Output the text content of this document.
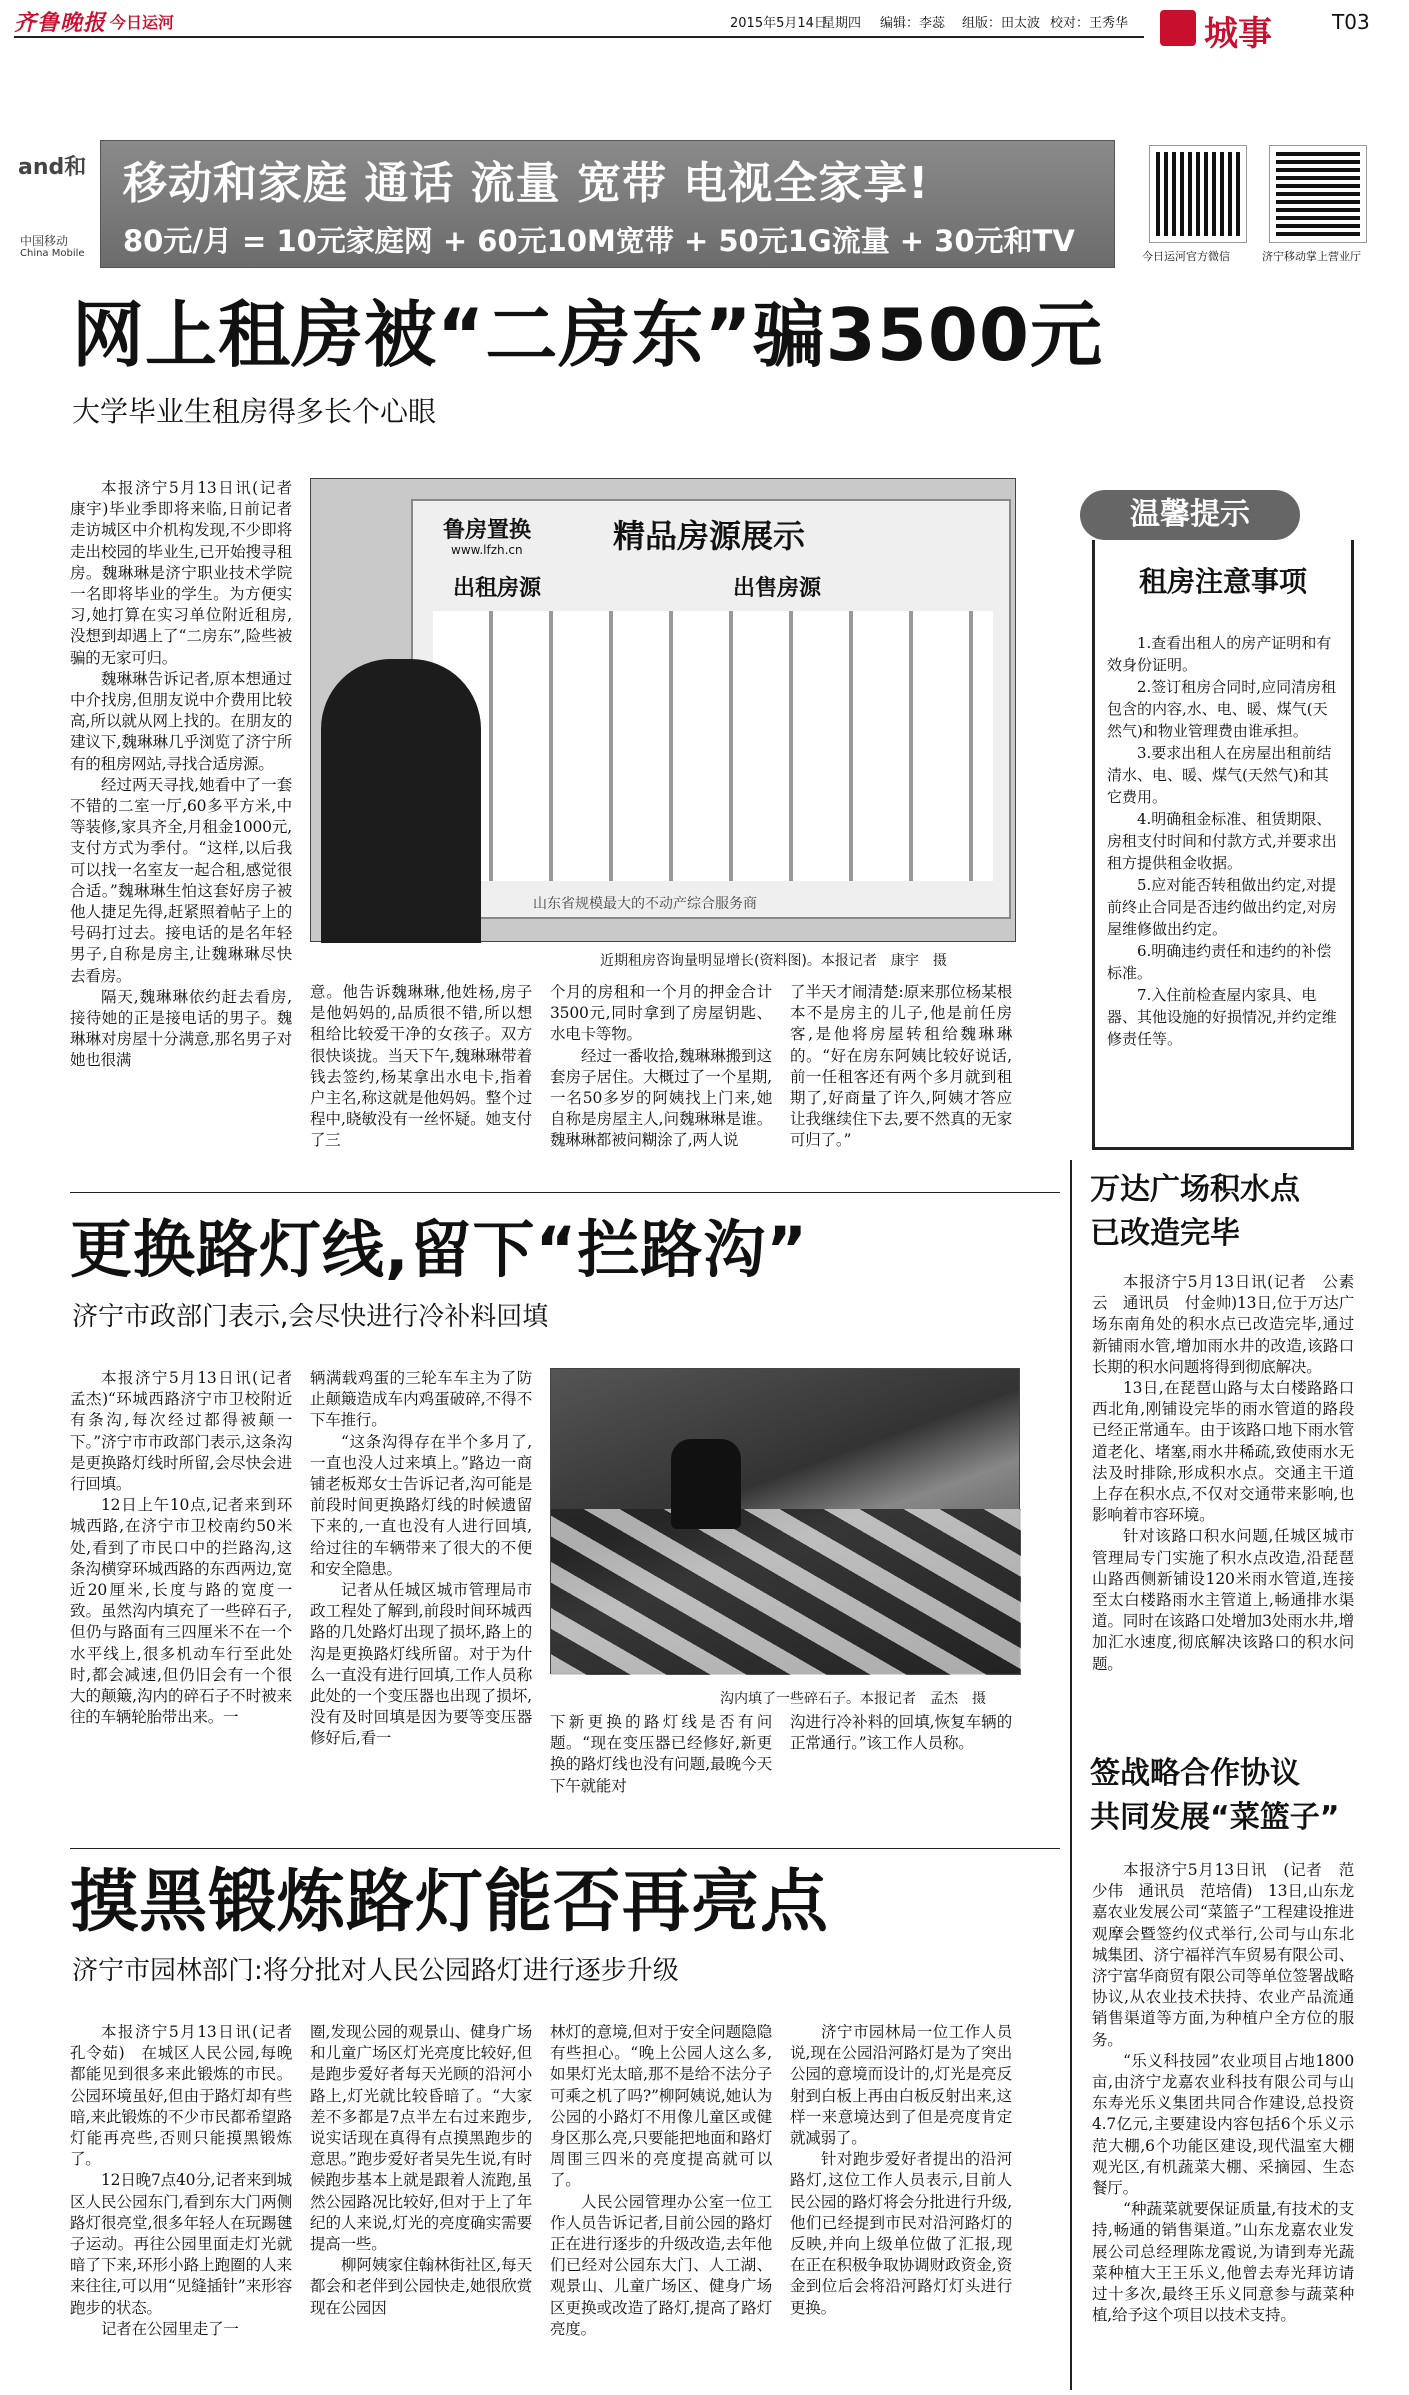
齐鲁晚报 今日运河	2015年5月14日
星期四 编辑：李蕊 组版：田太波 校对：王秀华 城事	T03
and和
中国移动
China Mobile
移动和家庭 通话 流量 宽带 电视全家享!
80元/月 = 10元家庭网 + 60元10M宽带 + 50元1G流量 + 30元和TV	今日运河官方微信	济宁移动掌上营业厅
网上租房被“二房东”骗3500元
大学毕业生租房得多长个心眼

本报济宁5月13日讯(记者　康宇)毕业季即将来临,日前记者走访城区中介机构发现,不少即将走出校园的毕业生,已开始搜寻租房。魏琳琳是济宁职业技术学院一名即将毕业的学生。为方便实习,她打算在实习单位附近租房,没想到却遇上了“二房东”,险些被骗的无家可归。

魏琳琳告诉记者,原本想通过中介找房,但朋友说中介费用比较高,所以就从网上找的。在朋友的建议下,魏琳琳几乎浏览了济宁所有的租房网站,寻找合适房源。

经过两天寻找,她看中了一套不错的二室一厅,60多平方米,中等装修,家具齐全,月租金1000元,支付方式为季付。“这样,以后我可以找一名室友一起合租,感觉很合适。”魏琳琳生怕这套好房子被他人捷足先得,赶紧照着帖子上的号码打过去。接电话的是名年轻男子,自称是房主,让魏琳琳尽快去看房。

隔天,魏琳琳依约赶去看房,接待她的正是接电话的男子。魏琳琳对房屋十分满意,那名男子对她也很满

鲁房置换
www.lfzh.cn	精品房源展示
出租房源	出售房源
山东省规模最大的不动产综合服务商
近期租房咨询量明显增长(资料图)。本报记者　康宇　摄

意。他告诉魏琳琳,他姓杨,房子是他妈妈的,品质很不错,所以想租给比较爱干净的女孩子。双方很快谈拢。当天下午,魏琳琳带着钱去签约,杨某拿出水电卡,指着户主名,称这就是他妈妈。整个过程中,晓敏没有一丝怀疑。她支付了三

个月的房租和一个月的押金合计3500元,同时拿到了房屋钥匙、水电卡等物。

经过一番收拾,魏琳琳搬到这套房子居住。大概过了一个星期,一名50多岁的阿姨找上门来,她自称是房屋主人,问魏琳琳是谁。魏琳琳都被问糊涂了,两人说

了半天才闹清楚:原来那位杨某根本不是房主的儿子,他是前任房客,是他将房屋转租给魏琳琳的。“好在房东阿姨比较好说话,前一任租客还有两个多月就到租期了,好商量了许久,阿姨才答应让我继续住下去,要不然真的无家可归了。”

温馨提示
租房注意事项

1.查看出租人的房产证明和有效身份证明。

2.签订租房合同时,应同清房租包含的内容,水、电、暖、煤气(天然气)和物业管理费由谁承担。

3.要求出租人在房屋出租前结清水、电、暖、煤气(天然气)和其它费用。

4.明确租金标准、租赁期限、房租支付时间和付款方式,并要求出租方提供租金收据。

5.应对能否转租做出约定,对提前终止合同是否违约做出约定,对房屋维修做出约定。

6.明确违约责任和违约的补偿标准。

7.入住前检查屋内家具、电器、其他设施的好损情况,并约定维修责任等。

万达广场积水点
已改造完毕

本报济宁5月13日讯(记者　公素云　通讯员　付金帅)13日,位于万达广场东南角处的积水点已改造完毕,通过新铺雨水管,增加雨水井的改造,该路口长期的积水问题将得到彻底解决。

13日,在琵琶山路与太白楼路路口西北角,刚铺设完毕的雨水管道的路段已经正常通车。由于该路口地下雨水管道老化、堵塞,雨水井稀疏,致使雨水无法及时排除,形成积水点。交通主干道上存在积水点,不仅对交通带来影响,也影响着市容环境。

针对该路口积水问题,任城区城市管理局专门实施了积水点改造,沿琵琶山路西侧新铺设120米雨水管道,连接至太白楼路雨水主管道上,畅通排水渠道。同时在该路口处增加3处雨水井,增加汇水速度,彻底解决该路口的积水问题。

更换路灯线,留下“拦路沟”
济宁市政部门表示,会尽快进行冷补料回填

本报济宁5月13日讯(记者　孟杰)“环城西路济宁市卫校附近有条沟,每次经过都得被颠一下。”济宁市市政部门表示,这条沟是更换路灯线时所留,会尽快会进行回填。

12日上午10点,记者来到环城西路,在济宁市卫校南约50米处,看到了市民口中的拦路沟,这条沟横穿环城西路的东西两边,宽近20厘米,长度与路的宽度一致。虽然沟内填充了一些碎石子,但仍与路面有三四厘米不在一个水平线上,很多机动车行至此处时,都会减速,但仍旧会有一个很大的颠簸,沟内的碎石子不时被来往的车辆轮胎带出来。一

辆满载鸡蛋的三轮车车主为了防止颠簸造成车内鸡蛋破碎,不得不下车推行。

“这条沟得存在半个多月了,一直也没人过来填上。”路边一商铺老板郑女士告诉记者,沟可能是前段时间更换路灯线的时候遗留下来的,一直也没有人进行回填,给过往的车辆带来了很大的不便和安全隐患。

记者从任城区城市管理局市政工程处了解到,前段时间环城西路的几处路灯出现了损坏,路上的沟是更换路灯线所留。对于为什么一直没有进行回填,工作人员称此处的一个变压器也出现了损坏,没有及时回填是因为要等变压器修好后,看一

沟内填了一些碎石子。本报记者　孟杰　摄

下新更换的路灯线是否有问题。“现在变压器已经修好,新更换的路灯线也没有问题,最晚今天下午就能对

沟进行冷补料的回填,恢复车辆的正常通行。”该工作人员称。

签战略合作协议
共同发展“菜篮子”

本报济宁5月13日讯　(记者　范少伟　通讯员　范培倩)　13日,山东龙嘉农业发展公司“菜篮子”工程建设推进观摩会暨签约仪式举行,公司与山东北城集团、济宁福祥汽车贸易有限公司、济宁富华商贸有限公司等单位签署战略协议,从农业技术扶持、农业产品流通销售渠道等方面,为种植户全方位的服务。

“乐义科技园”农业项目占地1800亩,由济宁龙嘉农业科技有限公司与山东寿光乐义集团共同合作建设,总投资4.7亿元,主要建设内容包括6个乐义示范大棚,6个功能区建设,现代温室大棚观光区,有机蔬菜大棚、采摘园、生态餐厅。

“种蔬菜就要保证质量,有技术的支持,畅通的销售渠道。”山东龙嘉农业发展公司总经理陈龙霞说,为请到寿光蔬菜种植大王王乐义,他曾去寿光拜访请过十多次,最终王乐义同意参与蔬菜种植,给予这个项目以技术支持。

摸黑锻炼路灯能否再亮点
济宁市园林部门:将分批对人民公园路灯进行逐步升级

本报济宁5月13日讯(记者　孔令茹)　在城区人民公园,每晚都能见到很多来此锻炼的市民。公园环境虽好,但由于路灯却有些暗,来此锻炼的不少市民都希望路灯能再亮些,否则只能摸黑锻炼了。

12日晚7点40分,记者来到城区人民公园东门,看到东大门两侧路灯很亮堂,很多年轻人在玩踢毽子运动。再往公园里面走灯光就暗了下来,环形小路上跑圈的人来来往往,可以用“见缝插针”来形容跑步的状态。

记者在公园里走了一

圈,发现公园的观景山、健身广场和儿童广场区灯光亮度比较好,但是跑步爱好者每天光顾的沿河小路上,灯光就比较昏暗了。“大家差不多都是7点半左右过来跑步,说实话现在真得有点摸黑跑步的意思。”跑步爱好者吴先生说,有时候跑步基本上就是跟着人流跑,虽然公园路况比较好,但对于上了年纪的人来说,灯光的亮度确实需要提高一些。

柳阿姨家住翰林街社区,每天都会和老伴到公园快走,她很欣赏现在公园因

林灯的意境,但对于安全问题隐隐有些担心。“晚上公园人这么多,如果灯光太暗,那不是给不法分子可乘之机了吗?”柳阿姨说,她认为公园的小路灯不用像儿童区或健身区那么亮,只要能把地面和路灯周围三四米的亮度提高就可以了。

人民公园管理办公室一位工作人员告诉记者,目前公园的路灯正在进行逐步的升级改造,去年他们已经对公园东大门、人工湖、观景山、儿童广场区、健身广场区更换或改造了路灯,提高了路灯亮度。

济宁市园林局一位工作人员说,现在公园沿河路灯是为了突出公园的意境而设计的,灯光是亮反射到白板上再由白板反射出来,这样一来意境达到了但是亮度肯定就减弱了。

针对跑步爱好者提出的沿河路灯,这位工作人员表示,目前人民公园的路灯将会分批进行升级,他们已经提到市民对沿河路灯的反映,并向上级单位做了汇报,现在正在积极争取协调财政资金,资金到位后会将沿河路灯灯头进行更换。
